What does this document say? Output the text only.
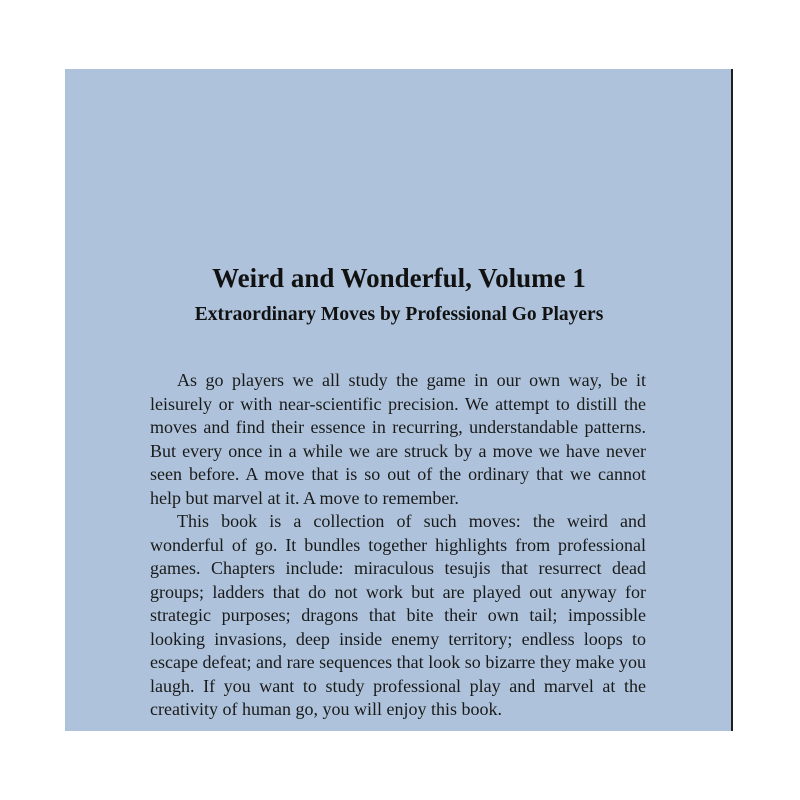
Weird and Wonderful, Volume 1
Extraordinary Moves by Professional Go Players

As go players we all study the game in our own way, be it leisurely or with near-scientific precision. We attempt to distill the moves and find their essence in recurring, understandable patterns. But every once in a while we are struck by a move we have never seen before. A move that is so out of the ordinary that we cannot help but marvel at it. A move to remember.

This book is a collection of such moves: the weird and wonderful of go. It bundles together highlights from professional games. Chapters include: miraculous tesujis that resurrect dead groups; ladders that do not work but are played out anyway for strategic purposes; dragons that bite their own tail; impossible looking invasions, deep inside enemy territory; endless loops to escape defeat; and rare sequences that look so bizarre they make you laugh. If you want to study professional play and marvel at the creativity of human go, you will enjoy this book.
